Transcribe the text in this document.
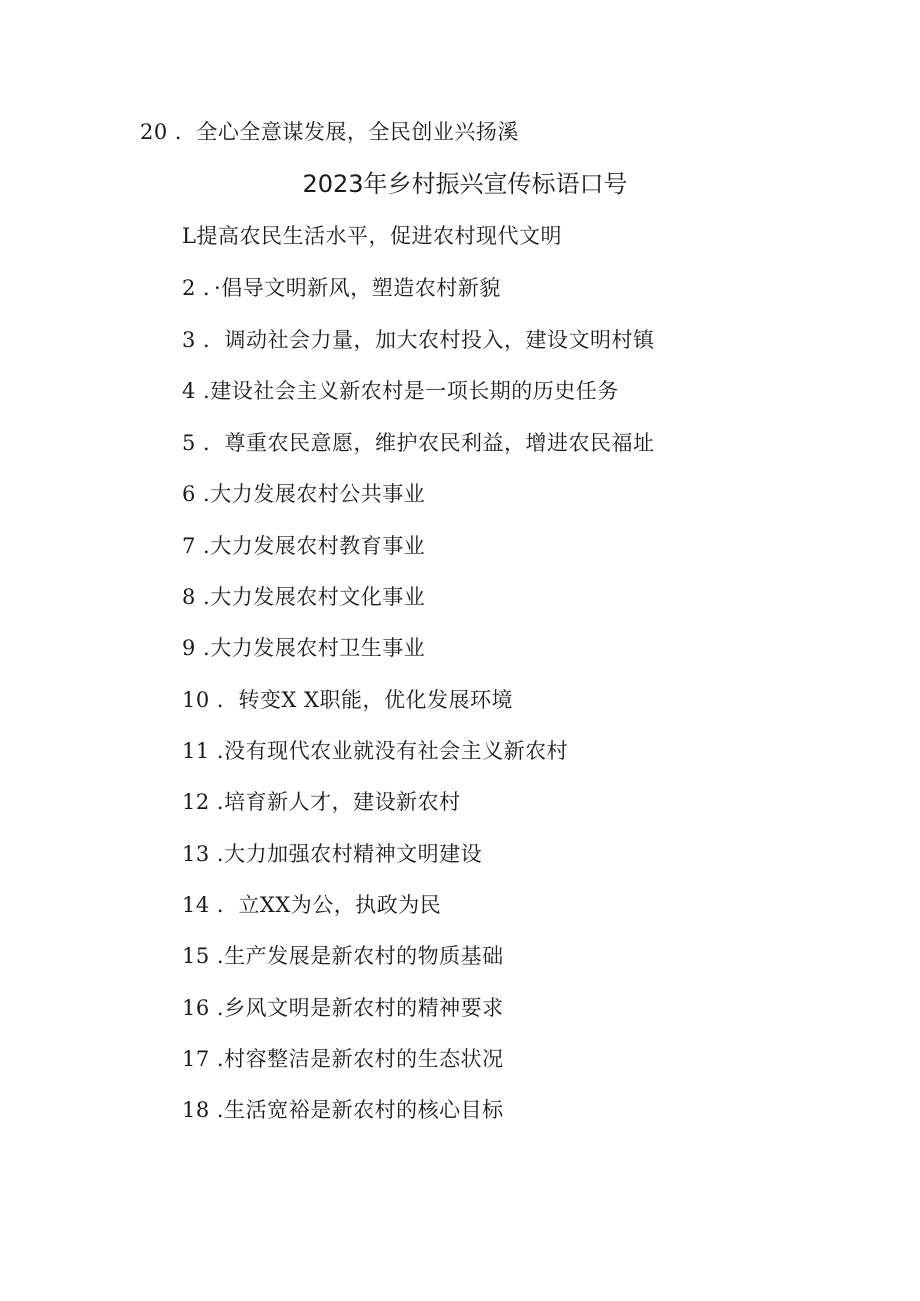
20 ．全心全意谋发展，全民创业兴扬溪
2023年乡村振兴宣传标语口号
L提高农民生活水平，促进农村现代文明
2 ．·倡导文明新风，塑造农村新貌
3 ．调动社会力量，加大农村投入，建设文明村镇
4 .建设社会主义新农村是一项长期的历史任务
5 ．尊重农民意愿，维护农民利益，增进农民福址
6 .大力发展农村公共事业
7 .大力发展农村教育事业
8 .大力发展农村文化事业
9 .大力发展农村卫生事业
10 ．转变X X职能，优化发展环境
11 .没有现代农业就没有社会主义新农村
12 .培育新人才，建设新农村
13 .大力加强农村精神文明建设
14 ．立XX为公，执政为民
15 .生产发展是新农村的物质基础
16 .乡风文明是新农村的精神要求
17 .村容整洁是新农村的生态状况
18 .生活宽裕是新农村的核心目标
